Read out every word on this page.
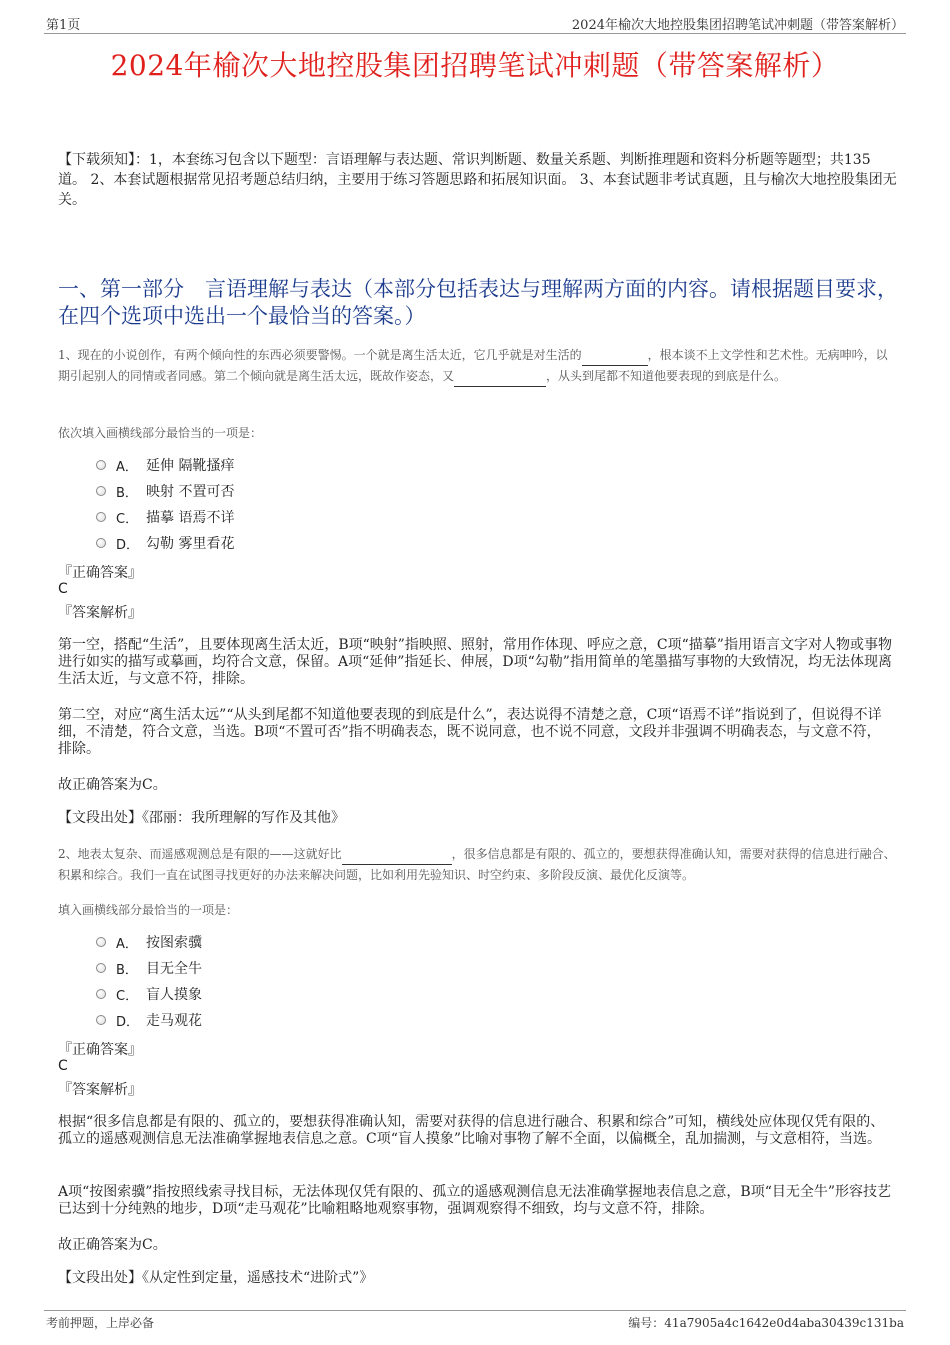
第1页	2024年榆次大地控股集团招聘笔试冲刺题（带答案解析）
2024年榆次大地控股集团招聘笔试冲刺题（带答案解析）
【下载须知】：1，本套练习包含以下题型：言语理解与表达题、常识判断题、数量关系题、判断推理题和资料分析题等题型；共135道。 2、本套试题根据常见招考题总结归纳，主要用于练习答题思路和拓展知识面。 3、本套试题非考试真题，且与榆次大地控股集团无关。
一、第一部分　言语理解与表达（本部分包括表达与理解两方面的内容。请根据题目要求，在四个选项中选出一个最恰当的答案。）
1、现在的小说创作，有两个倾向性的东西必须要警惕。一个就是离生活太近，它几乎就是对生活的	，根本谈不上文学性和艺术性。无病呻吟，以期引起别人的同情或者同感。第二个倾向就是离生活太远，既故作姿态，又	，从头到尾都不知道他要表现的到底是什么。
依次填入画横线部分最恰当的一项是：
A． 延伸 隔靴搔痒
B． 映射 不置可否
C． 描摹 语焉不详
D． 勾勒 雾里看花
『正确答案』
C
『答案解析』
第一空，搭配“生活”，且要体现离生活太近，B项“映射”指映照、照射，常用作体现、呼应之意，C项“描摹”指用语言文字对人物或事物进行如实的描写或摹画，均符合文意，保留。A项“延伸”指延长、伸展，D项“勾勒”指用简单的笔墨描写事物的大致情况，均无法体现离生活太近，与文意不符，排除。
第二空，对应“离生活太远”“从头到尾都不知道他要表现的到底是什么”，表达说得不清楚之意，C项“语焉不详”指说到了，但说得不详细，不清楚，符合文意，当选。B项“不置可否”指不明确表态，既不说同意，也不说不同意，文段并非强调不明确表态，与文意不符，排除。
故正确答案为C。
【文段出处】《邵丽：我所理解的写作及其他》
2、地表太复杂、而遥感观测总是有限的——这就好比	，很多信息都是有限的、孤立的，要想获得准确认知，需要对获得的信息进行融合、积累和综合。我们一直在试图寻找更好的办法来解决问题，比如利用先验知识、时空约束、多阶段反演、最优化反演等。
填入画横线部分最恰当的一项是：
A． 按图索骥
B． 目无全牛
C． 盲人摸象
D． 走马观花
『正确答案』
C
『答案解析』
根据“很多信息都是有限的、孤立的，要想获得准确认知，需要对获得的信息进行融合、积累和综合”可知，横线处应体现仅凭有限的、孤立的遥感观测信息无法准确掌握地表信息之意。C项“盲人摸象”比喻对事物了解不全面，以偏概全，乱加揣测，与文意相符，当选。
A项“按图索骥”指按照线索寻找目标，无法体现仅凭有限的、孤立的遥感观测信息无法准确掌握地表信息之意，B项“目无全牛”形容技艺已达到十分纯熟的地步，D项“走马观花”比喻粗略地观察事物，强调观察得不细致，均与文意不符，排除。
故正确答案为C。
【文段出处】《从定性到定量，遥感技术“进阶式”》
考前押题，上岸必备	编号：41a7905a4c1642e0d4aba30439c131ba
